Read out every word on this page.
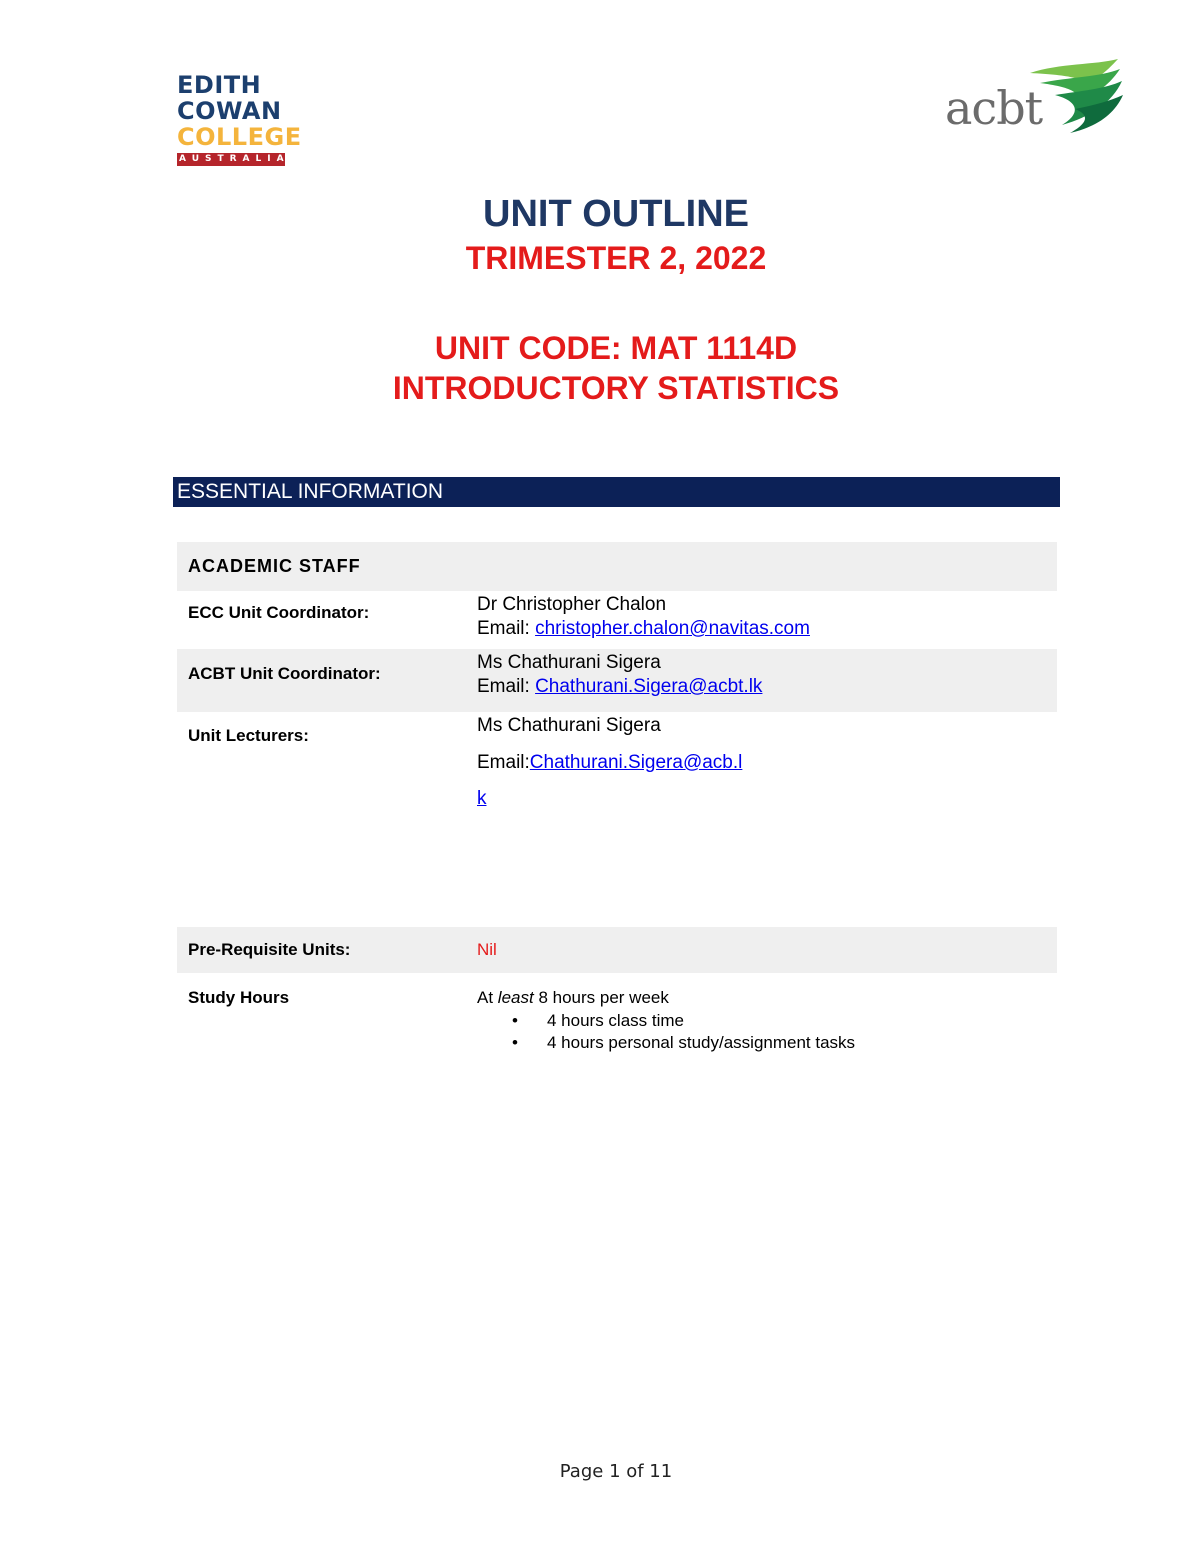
EDITH
COWAN
COLLEGE
AUSTRALIA
acbt
UNIT OUTLINE
TRIMESTER 2, 2022
UNIT CODE: MAT 1114D
INTRODUCTORY STATISTICS
ESSENTIAL INFORMATION
ACADEMIC STAFF
ECC Unit Coordinator:	Dr Christopher Chalon
Email: christopher.chalon@navitas.com
ACBT Unit Coordinator:
Ms Chathurani Sigera
Email: Chathurani.Sigera@acbt.lk
Unit Lecturers:	Ms Chathurani Sigera
Email:Chathurani.Sigera@acb.l
k
Pre-Requisite Units:	Nil
Study Hours	At least 8 hours per week
• 4 hours class time
• 4 hours personal study/assignment tasks
Page 1 of 11
